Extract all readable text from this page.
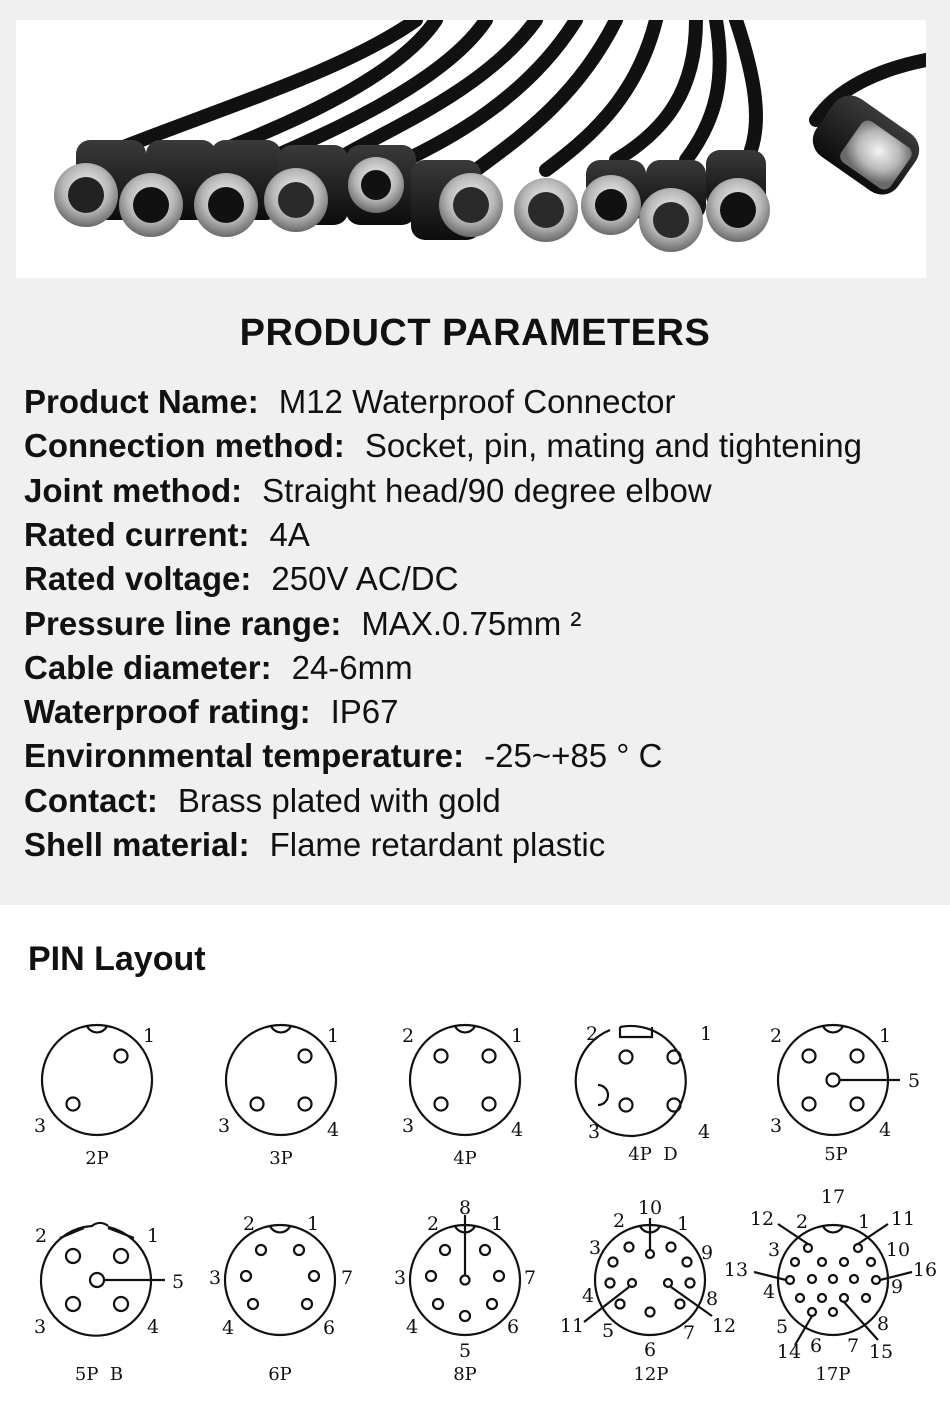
PRODUCT PARAMETERS
Product Name: M12 Waterproof Connector
Connection method: Socket, pin, mating and tightening
Joint method: Straight head/90 degree elbow
Rated current: 4A
Rated voltage: 250V AC/DC
Pressure line range: MAX.0.75mm ²
Cable diameter: 24-6mm
Waterproof rating: IP67
Environmental temperature: -25~+85 ° C
Contact: Brass plated with gold
Shell material: Flame retardant plastic
PIN Layout
1
3
1
3	4
2	1
3	4
2	1
3	4
2	1
3	4
5
2	1
3	4
5
2	1
3	7
4	6
8
2	1
3	7
4	6
5
10
2	1
3	9
4	8
11 5	7 12
6
17
12 2	1 11
3	10
13	16
4	9
5
6 7
8
14	15
2P	3P	4P	4P  D	5P
5P  B	6P	8P	12P	17P
